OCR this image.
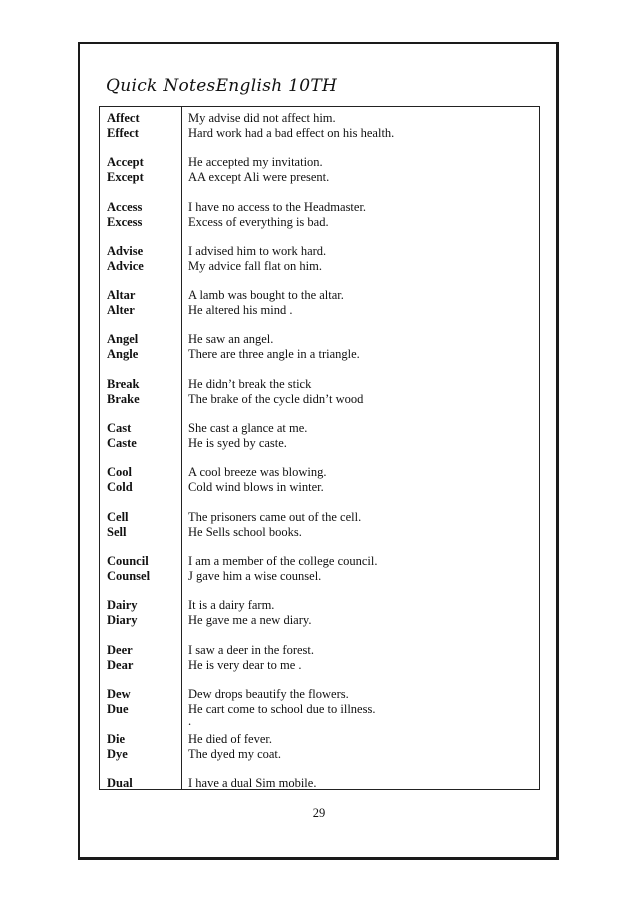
Quick NotesEnglish 10TH
Affect	My advise did not affect him.
Effect	Hard work had a bad effect on his health.
Accept	He accepted my invitation.
Except	AA except Ali were present.
Access	I have no access to the Headmaster.
Excess	Excess of everything is bad.
Advise	I advised him to work hard.
Advice	My advice fall flat on him.
Altar	A lamb was bought to the altar.
Alter	He altered his mind .
Angel	He saw an angel.
Angle	There are three angle in a triangle.
Break	He didn’t break the stick
Brake	The brake of the cycle didn’t wood
Cast	She cast a glance at me.
Caste	He is syed by caste.
Cool	A cool breeze was blowing.
Cold	Cold wind blows in winter.
Cell	The prisoners came out of the cell.
Sell	He Sells school books.
Council	I am a member of the college council.
Counsel	J gave him a wise counsel.
Dairy	It is a dairy farm.
Diary	He gave me a new diary.
Deer	I saw a deer in the forest.
Dear	He is very dear to me .
Dew	Dew drops beautify the flowers.
Due	He cart come to school due to illness.
.
Die	He died of fever.
Dye	The dyed my coat.
Dual	I have a dual Sim mobile.
29
